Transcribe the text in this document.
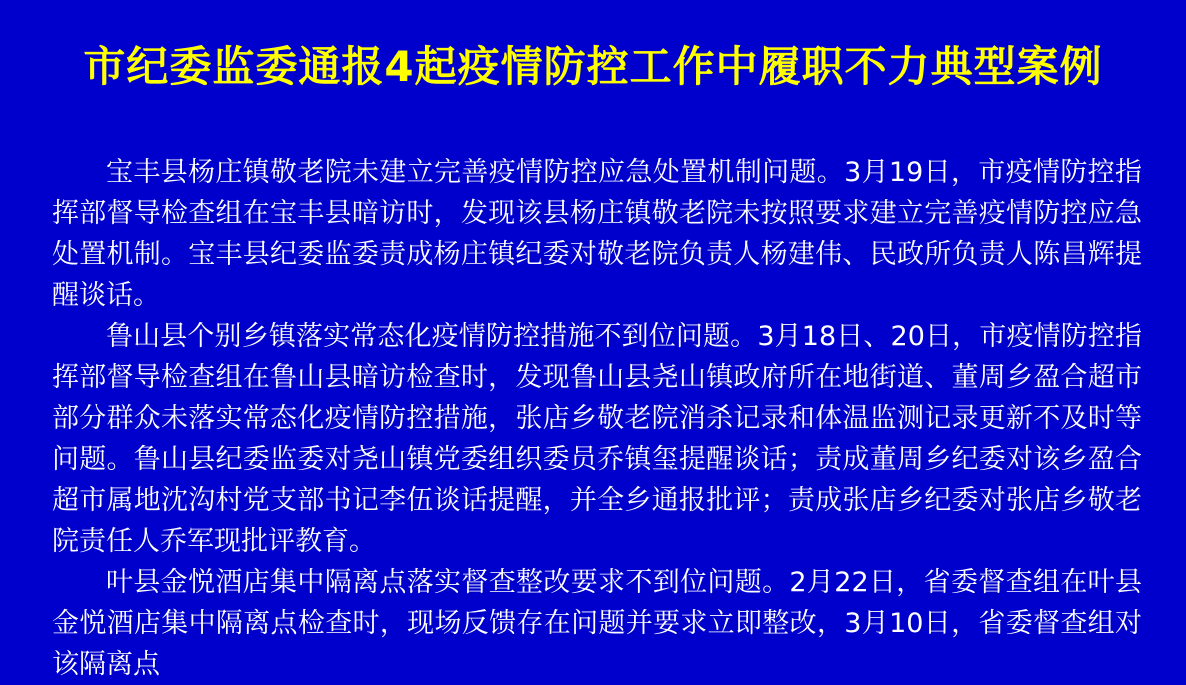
市纪委监委通报4起疫情防控工作中履职不力典型案例

宝丰县杨庄镇敬老院未建立完善疫情防控应急处置机制问题。3月19日，市疫情防控指挥部督导检查组在宝丰县暗访时，发现该县杨庄镇敬老院未按照要求建立完善疫情防控应急处置机制。宝丰县纪委监委责成杨庄镇纪委对敬老院负责人杨建伟、民政所负责人陈昌辉提醒谈话。

鲁山县个别乡镇落实常态化疫情防控措施不到位问题。3月18日、20日，市疫情防控指挥部督导检查组在鲁山县暗访检查时，发现鲁山县尧山镇政府所在地街道、董周乡盈合超市部分群众未落实常态化疫情防控措施，张店乡敬老院消杀记录和体温监测记录更新不及时等问题。鲁山县纪委监委对尧山镇党委组织委员乔镇玺提醒谈话；责成董周乡纪委对该乡盈合超市属地沈沟村党支部书记李伍谈话提醒，并全乡通报批评；责成张店乡纪委对张店乡敬老院责任人乔军现批评教育。

叶县金悦酒店集中隔离点落实督查整改要求不到位问题。2月22日，省委督查组在叶县金悦酒店集中隔离点检查时，现场反馈存在问题并要求立即整改，3月10日，省委督查组对该隔离点
